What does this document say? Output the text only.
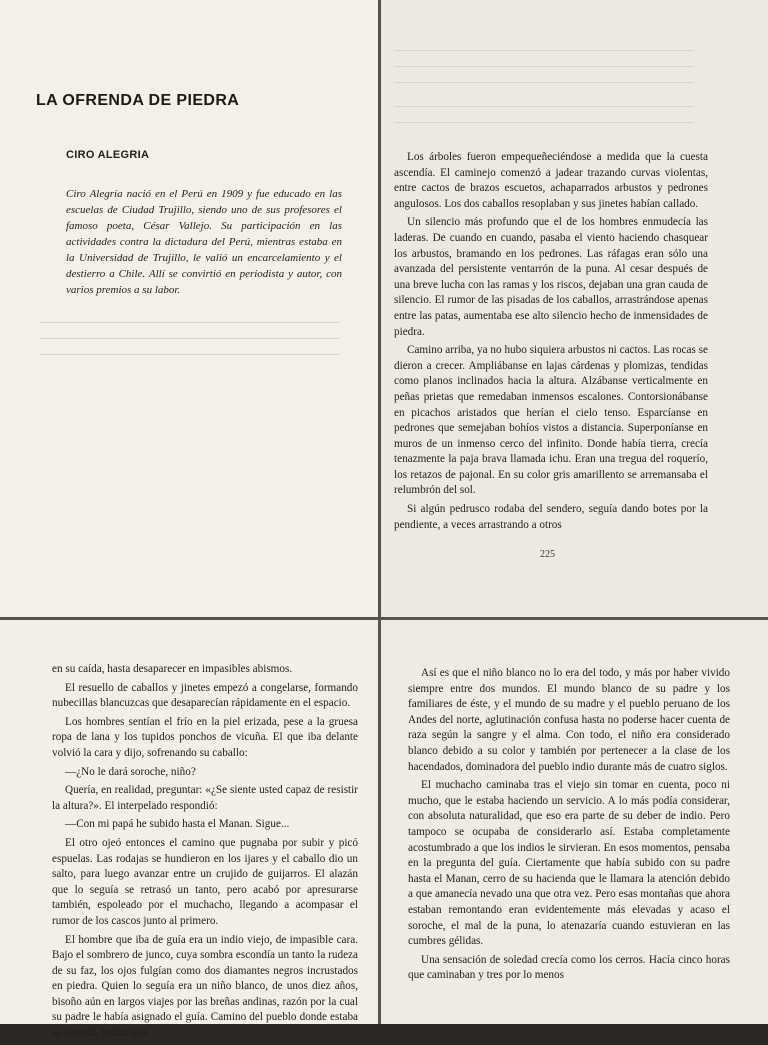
LA OFRENDA DE PIEDRA
CIRO ALEGRIA

Ciro Alegría nació en el Perú en 1909 y fue educado en las escuelas de Ciudad Trujillo, siendo uno de sus profesores el famoso poeta, César Vallejo. Su participación en las actividades contra la dictadura del Perú, mientras estaba en la Universidad de Trujillo, le valió un encarcelamiento y el destierro a Chile. Allí se convirtió en periodista y autor, con varios premios a su labor.

Los árboles fueron empequeñeciéndose a medida que la cuesta ascendía. El caminejo comenzó a jadear trazando curvas violentas, entre cactos de brazos escuetos, achaparrados arbustos y pedrones angulosos. Los dos caballos resoplaban y sus jinetes habían callado.

Un silencio más profundo que el de los hombres enmudecía las laderas. De cuando en cuando, pasaba el viento haciendo chasquear los arbustos, bramando en los pedrones. Las ráfagas eran sólo una avanzada del persistente ventarrón de la puna. Al cesar después de una breve lucha con las ramas y los riscos, dejaban una gran cauda de silencio. El rumor de las pisadas de los caballos, arrastrándose apenas entre las patas, aumentaba ese alto silencio hecho de inmensidades de piedra.

Camino arriba, ya no hubo siquiera arbustos ni cactos. Las rocas se dieron a crecer. Ampliábanse en lajas cárdenas y plomizas, tendidas como planos inclinados hacia la altura. Alzábanse verticalmente en peñas prietas que remedaban inmensos escalones. Contorsionábanse en picachos aristados que herían el cielo tenso. Esparcíanse en pedrones que semejaban bohíos vistos a distancia. Superponíanse en muros de un inmenso cerco del infinito. Donde había tierra, crecía tenazmente la paja brava llamada ichu. Eran una tregua del roquerío, los retazos de pajonal. En su color gris amarillento se arremansaba el relumbrón del sol.

Si algún pedrusco rodaba del sendero, seguía dando botes por la pendiente, a veces arrastrando a otros

225

en su caída, hasta desaparecer en impasibles abismos.

El resuello de caballos y jinetes empezó a congelarse, formando nubecillas blancuzcas que desaparecían rápidamente en el espacio.

Los hombres sentían el frío en la piel erizada, pese a la gruesa ropa de lana y los tupidos ponchos de vicuña. El que iba delante volvió la cara y dijo, sofrenando su caballo:

—¿No le dará soroche, niño?

Quería, en realidad, preguntar: «¿Se siente usted capaz de resistir la altura?». El interpelado respondió:

—Con mi papá he subido hasta el Manan. Sigue...

El otro ojeó entonces el camino que pugnaba por subir y picó espuelas. Las rodajas se hundieron en los ijares y el caballo dio un salto, para luego avanzar entre un crujido de guijarros. El alazán que lo seguía se retrasó un tanto, pero acabó por apresurarse también, espoleado por el muchacho, llegando a acompasar el rumor de los cascos junto al primero.

El hombre que iba de guía era un indio viejo, de impasible cara. Bajo el sombrero de junco, cuya sombra escondía un tanto la rudeza de su faz, los ojos fulgían como dos diamantes negros incrustados en piedra. Quien lo seguía era un niño blanco, de unos diez años, bisoño aún en largos viajes por las breñas andinas, razón por la cual su padre le había asignado el guía. Camino del pueblo donde estaba la escuela, tenían que

Así es que el niño blanco no lo era del todo, y más por haber vivido siempre entre dos mundos. El mundo blanco de su padre y los familiares de éste, y el mundo de su madre y el pueblo peruano de los Andes del norte, aglutinación confusa hasta no poderse hacer cuenta de raza según la sangre y el alma. Con todo, el niño era considerado blanco debido a su color y también por pertenecer a la clase de los hacendados, dominadora del pueblo indio durante más de cuatro siglos.

El muchacho caminaba tras el viejo sin tomar en cuenta, poco ni mucho, que le estaba haciendo un servicio. A lo más podía considerar, con absoluta naturalidad, que eso era parte de su deber de indio. Pero tampoco se ocupaba de considerarlo así. Estaba completamente acostumbrado a que los indios le sirvieran. En esos momentos, pensaba en la pregunta del guía. Ciertamente que había subido con su padre hasta el Manan, cerro de su hacienda que le llamara la atención debido a que amanecía nevado una que otra vez. Pero esas montañas que ahora estaban remontando eran evidentemente más elevadas y acaso el soroche, el mal de la puna, lo atenazaría cuando estuvieran en las cumbres gélidas.

Una sensación de soledad crecía como los cerros. Hacía cinco horas que caminaban y tres por lo menos
